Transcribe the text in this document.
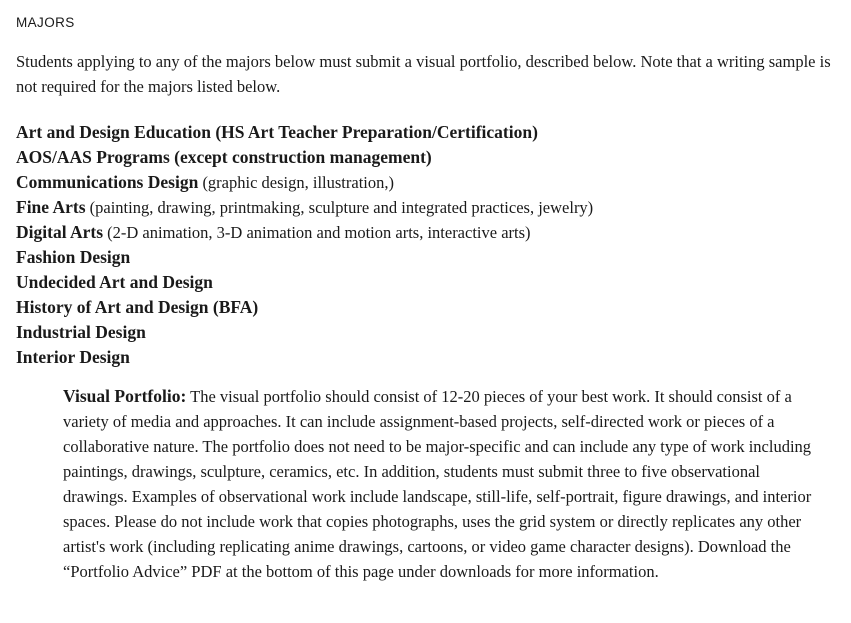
MAJORS

Students applying to any of the majors below must submit a visual portfolio, described below. Note that a writing sample is not required for the majors listed below.

Art and Design Education (HS Art Teacher Preparation/Certification)
AOS/AAS Programs (except construction management)
Communications Design (graphic design, illustration,)
Fine Arts (painting, drawing, printmaking, sculpture and integrated practices, jewelry)
Digital Arts (2-D animation, 3-D animation and motion arts, interactive arts)
Fashion Design
Undecided Art and Design
History of Art and Design (BFA)
Industrial Design
Interior Design

Visual Portfolio: The visual portfolio should consist of 12-20 pieces of your best work. It should consist of a variety of media and approaches. It can include assignment-based projects, self-directed work or pieces of a collaborative nature. The portfolio does not need to be major-specific and can include any type of work including paintings, drawings, sculpture, ceramics, etc. In addition, students must submit three to five observational drawings. Examples of observational work include landscape, still-life, self-portrait, figure drawings, and interior spaces. Please do not include work that copies photographs, uses the grid system or directly replicates any other artist's work (including replicating anime drawings, cartoons, or video game character designs). Download the “Portfolio Advice” PDF at the bottom of this page under downloads for more information.
